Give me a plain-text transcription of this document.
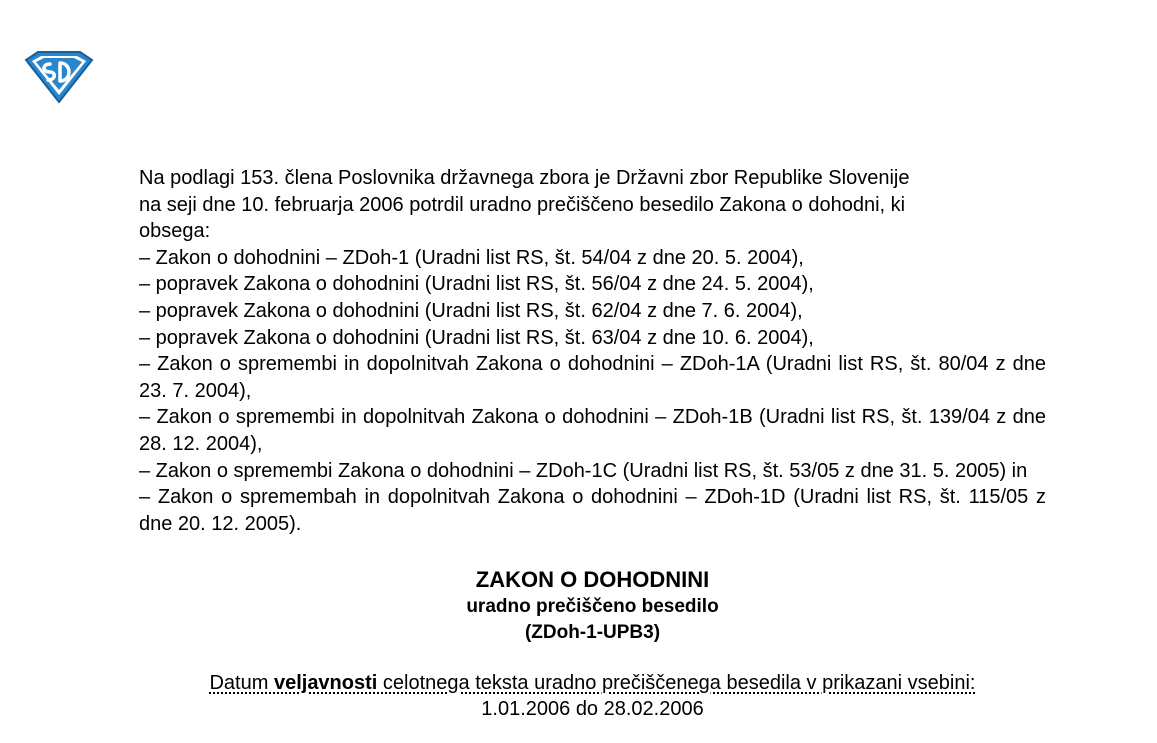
Na podlagi 153. člena Poslovnika državnega zbora je Državni zbor Republike Slovenije

na seji dne 10. februarja 2006 potrdil uradno prečiščeno besedilo Zakona o dohodni, ki

obsega:

– Zakon o dohodnini – ZDoh-1 (Uradni list RS, št. 54/04 z dne 20. 5. 2004),
– popravek Zakona o dohodnini (Uradni list RS, št. 56/04 z dne 24. 5. 2004),
– popravek Zakona o dohodnini (Uradni list RS, št. 62/04 z dne 7. 6. 2004),
– popravek Zakona o dohodnini (Uradni list RS, št. 63/04 z dne 10. 6. 2004),
– Zakon o spremembi in dopolnitvah Zakona o dohodnini – ZDoh-1A (Uradni list RS, št. 80/04 z dne 23. 7. 2004),
– Zakon o spremembi in dopolnitvah Zakona o dohodnini – ZDoh-1B (Uradni list RS, št. 139/04 z dne 28. 12. 2004),
– Zakon o spremembi Zakona o dohodnini – ZDoh-1C (Uradni list RS, št. 53/05 z dne 31. 5. 2005) in
– Zakon o spremembah in dopolnitvah Zakona o dohodnini – ZDoh-1D (Uradni list RS, št. 115/05 z dne 20. 12. 2005).
ZAKON O DOHODNINI
uradno prečiščeno besedilo
(ZDoh-1-UPB3)
Datum veljavnosti celotnega teksta uradno prečiščenega besedila v prikazani vsebini:
1.01.2006 do 28.02.2006
